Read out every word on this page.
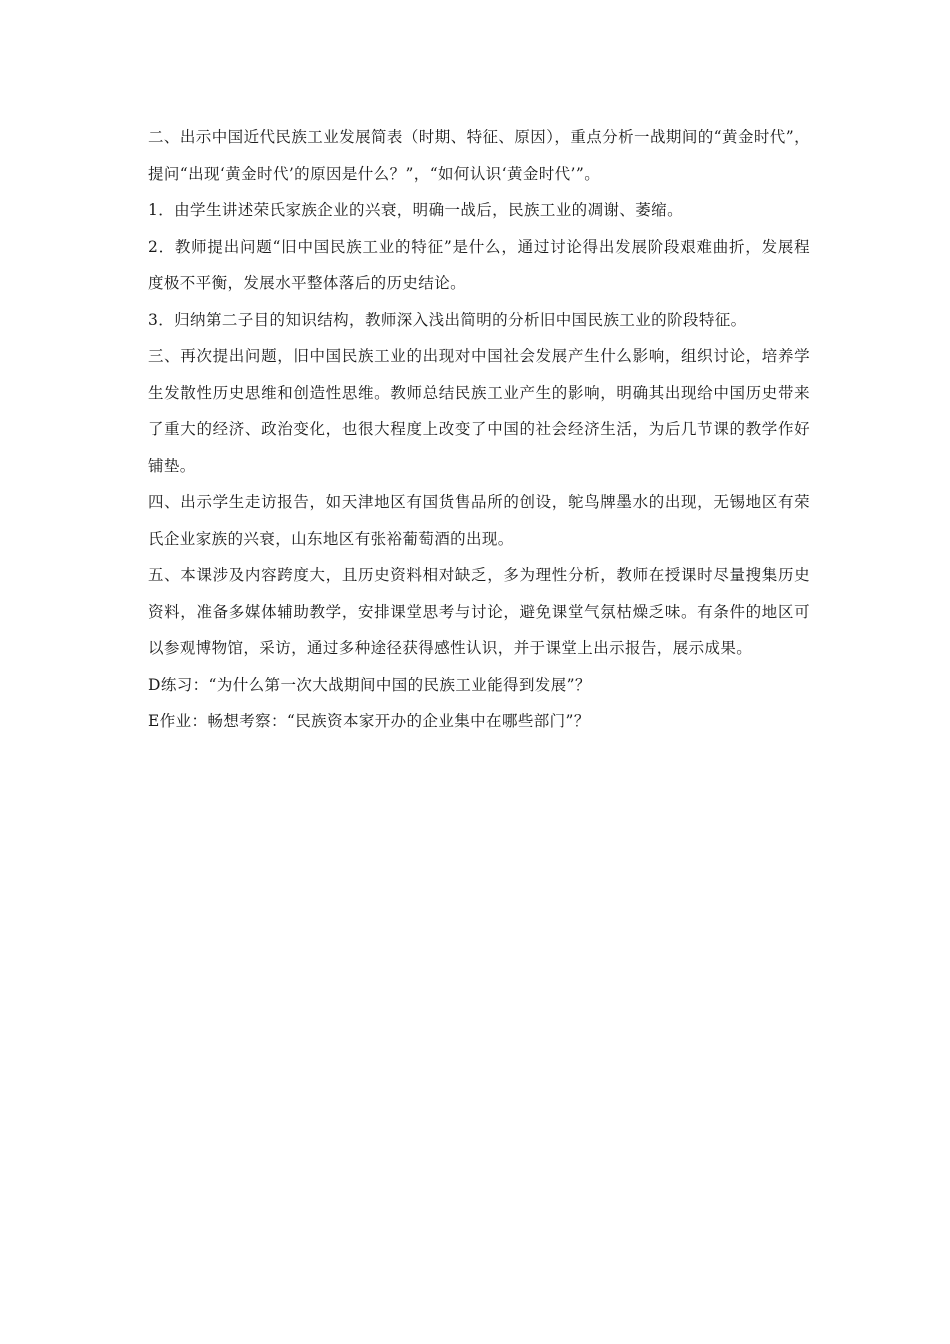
二、出示中国近代民族工业发展简表（时期、特征、原因），重点分析一战期间的“黄金时代”，提问“出现‘黄金时代’的原因是什么？”，“如何认识‘黄金时代’”。

1．由学生讲述荣氏家族企业的兴衰，明确一战后，民族工业的凋谢、萎缩。

2．教师提出问题“旧中国民族工业的特征”是什么，通过讨论得出发展阶段艰难曲折，发展程度极不平衡，发展水平整体落后的历史结论。

3．归纳第二子目的知识结构，教师深入浅出简明的分析旧中国民族工业的阶段特征。

三、再次提出问题，旧中国民族工业的出现对中国社会发展产生什么影响，组织讨论，培养学生发散性历史思维和创造性思维。教师总结民族工业产生的影响，明确其出现给中国历史带来了重大的经济、政治变化，也很大程度上改变了中国的社会经济生活，为后几节课的教学作好铺垫。

四、出示学生走访报告，如天津地区有国货售品所的创设，鸵鸟牌墨水的出现，无锡地区有荣氏企业家族的兴衰，山东地区有张裕葡萄酒的出现。

五、本课涉及内容跨度大，且历史资料相对缺乏，多为理性分析，教师在授课时尽量搜集历史资料，准备多媒体辅助教学，安排课堂思考与讨论，避免课堂气氛枯燥乏味。有条件的地区可以参观博物馆，采访，通过多种途径获得感性认识，并于课堂上出示报告，展示成果。

D练习：“为什么第一次大战期间中国的民族工业能得到发展”？

E作业：畅想考察：“民族资本家开办的企业集中在哪些部门”？
